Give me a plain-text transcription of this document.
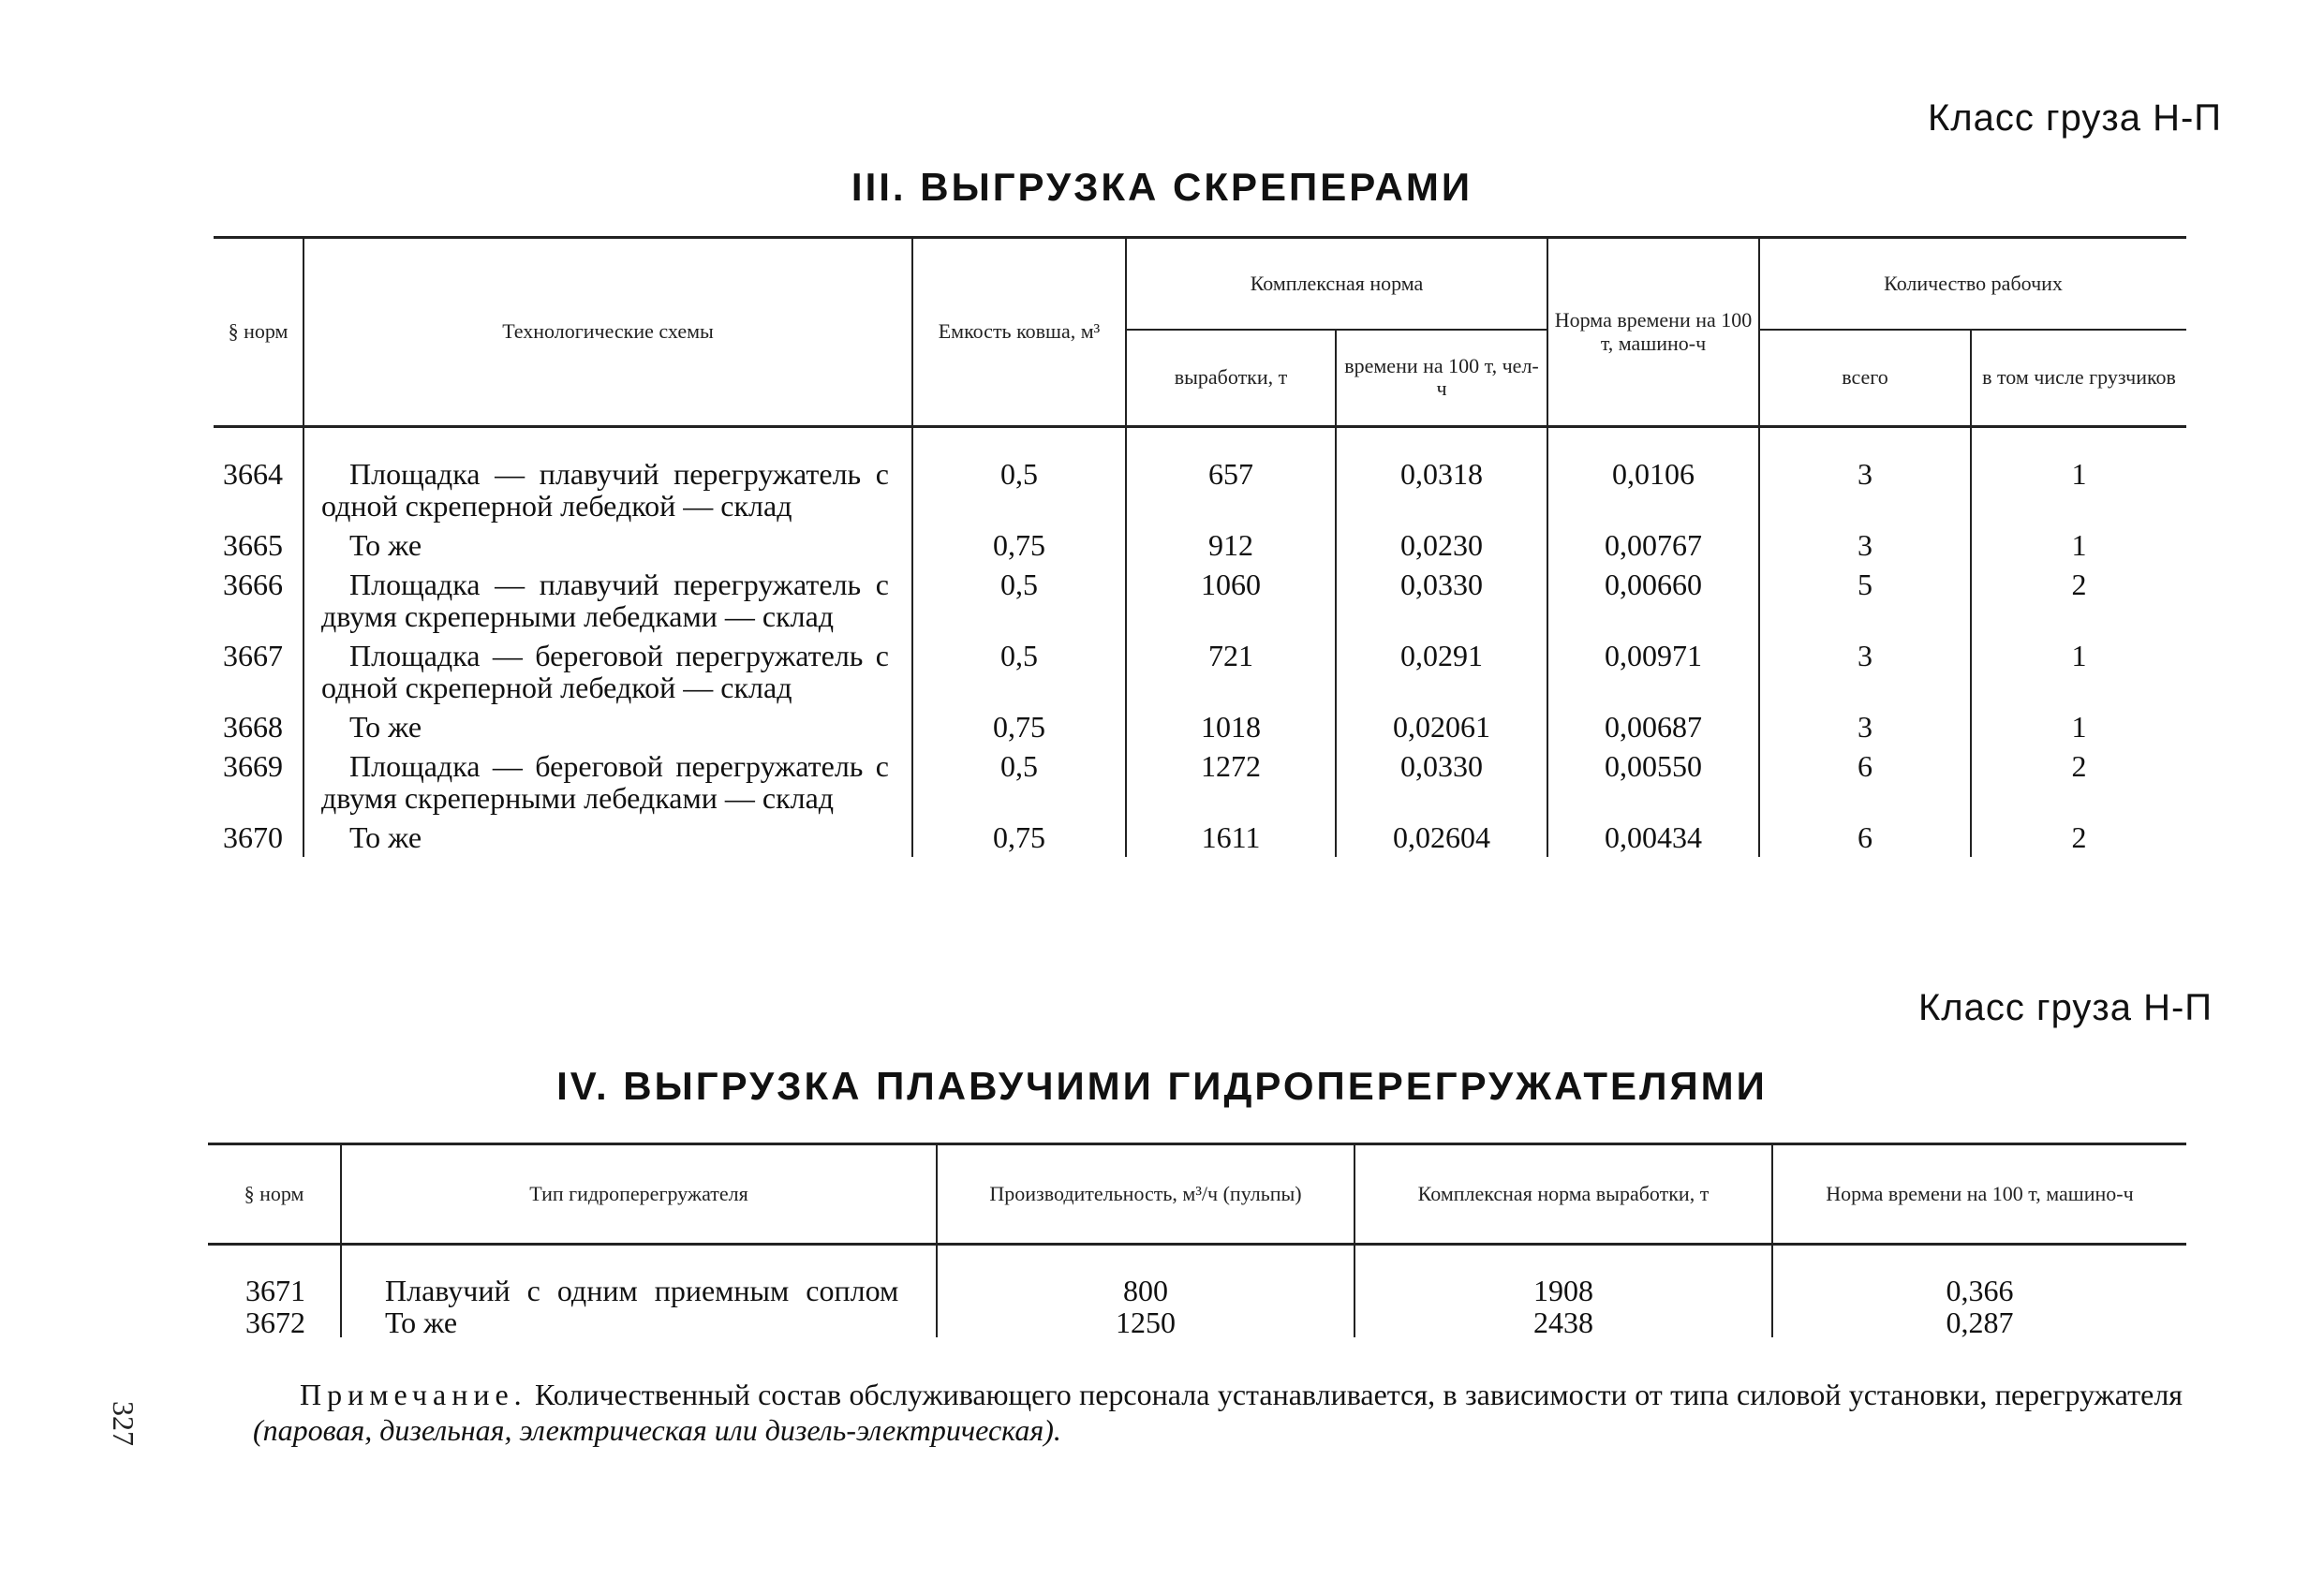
Класс груза Н-П
III. ВЫГРУЗКА СКРЕПЕРАМИ
§ норм	Технологические схемы	Емкость ковша, м³	Комплексная норма		Норма времени на 100 т, машино-ч	Количество рабочих	
			выработки, т	времени на 100 т, чел-ч		всего	в том числе грузчиков
3664	Площадка — плавучий перегружатель с одной скреперной лебедкой — склад	0,5	657	0,0318	0,0106	3	1
3665	То же	0,75	912	0,0230	0,00767	3	1
3666	Площадка — плавучий перегружатель с двумя скреперными лебедками — склад	0,5	1060	0,0330	0,00660	5	2
3667	Площадка — береговой перегружатель с одной скреперной лебедкой — склад	0,5	721	0,0291	0,00971	3	1
3668	То же	0,75	1018	0,02061	0,00687	3	1
3669	Площадка — береговой перегружатель с двумя скреперными лебедками — склад	0,5	1272	0,0330	0,00550	6	2
3670	То же	0,75	1611	0,02604	0,00434	6	2
Класс груза Н-П
IV. ВЫГРУЗКА ПЛАВУЧИМИ ГИДРОПЕРЕГРУЖАТЕЛЯМИ
§ норм	Тип гидроперегружателя	Производительность, м³/ч (пульпы)	Комплексная норма выработки, т	Норма времени на 100 т, машино-ч
3671	Плавучий с одним приемным соплом	800	1908	0,366
3672	То же	1250	2438	0,287
Примечание. Количественный состав обслуживающего персонала устанавливается, в зависимости от типа силовой установки, перегружателя (паровая, дизельная, электрическая или дизель-электрическая).
327
